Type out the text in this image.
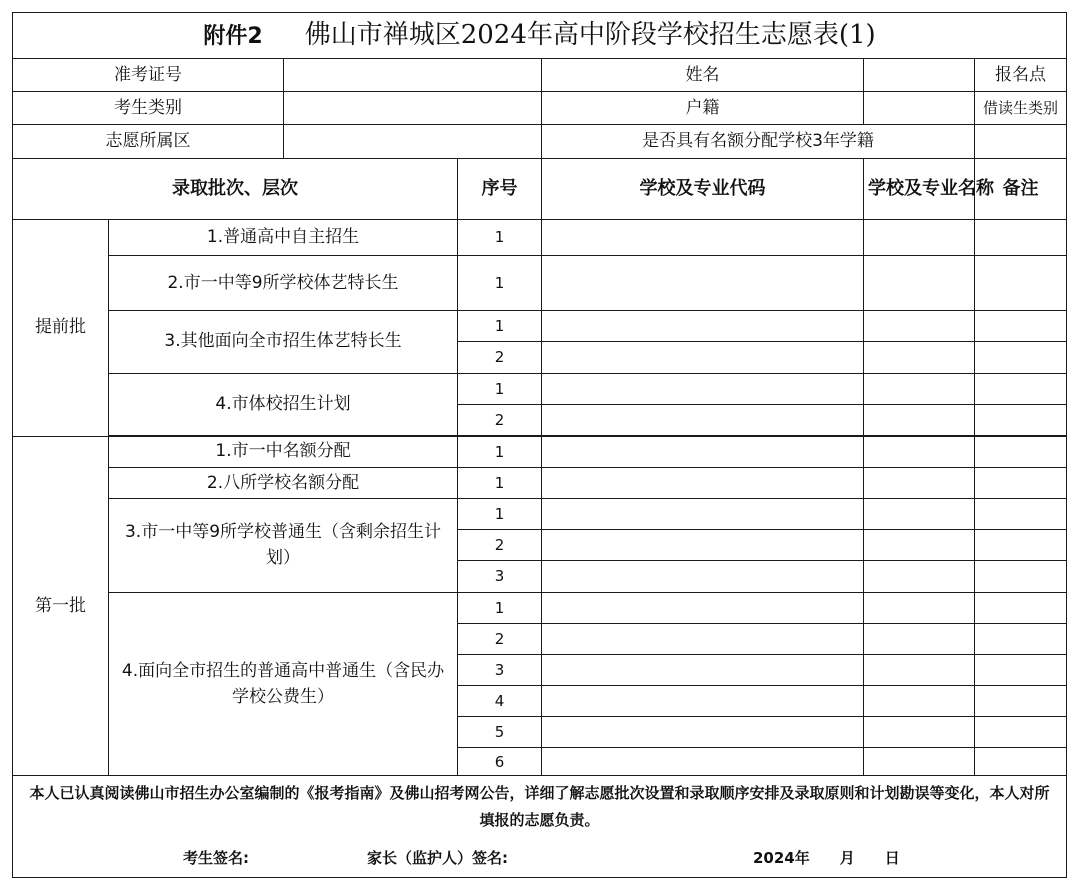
附件2 佛山市禅城区2024年高中阶段学校招生志愿表(1)						
准考证号				姓名		报名点
考生类别				户籍		借读生类别
志愿所属区				是否具有名额分配学校3年学籍		
录取批次、层次			序号	学校及专业代码	学校及专业名称	备注
提前批	1.普通高中自主招生		1			
	2.市一中等9所学校体艺特长生		1			
	3.其他面向全市招生体艺特长生		1			
			2			
	4.市体校招生计划		1			
			2			

第一批	1.市一中名额分配		1			
	2.八所学校名额分配		1			
	3.市一中等9所学校普通生（含剩余招生计划）		1			
			2			
			3			
	4.面向全市招生的普通高中普通生（含民办学校公费生）		1			
			2			
			3			
			4			
			5			
			6			

本人已认真阅读佛山市招生办公室编制的《报考指南》及佛山招考网公告，详细了解志愿批次设置和录取顺序安排及录取原则和计划勘误等变化，本人对所填报的志愿负责。
考生签名: 家长（监护人）签名: 2024年　　月　　日						
